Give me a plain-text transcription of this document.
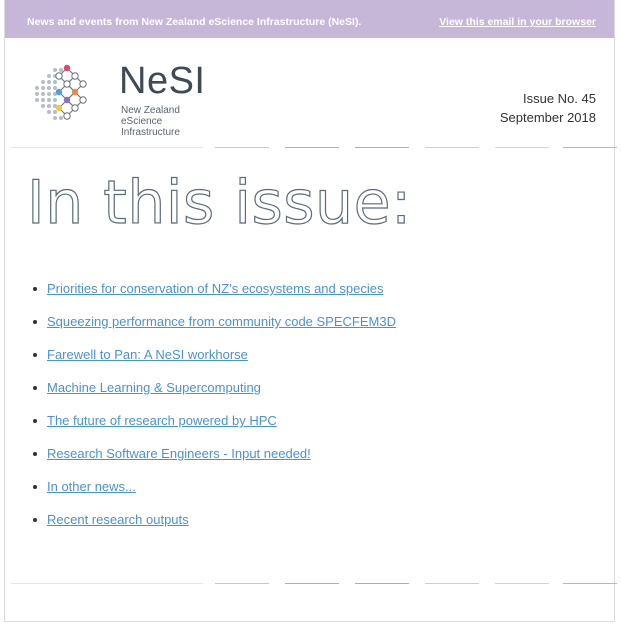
News and events from New Zealand eScience Infrastructure (NeSI).	View this email in your browser
NeSI
New Zealand eScience
Infrastructure
Issue No. 45
September 2018
In this issue:
Priorities for conservation of NZ’s ecosystems and species
Squeezing performance from community code SPECFEM3D
Farewell to Pan: A NeSI workhorse
Machine Learning & Supercomputing
The future of research powered by HPC
Research Software Engineers - Input needed!
In other news...
Recent research outputs
